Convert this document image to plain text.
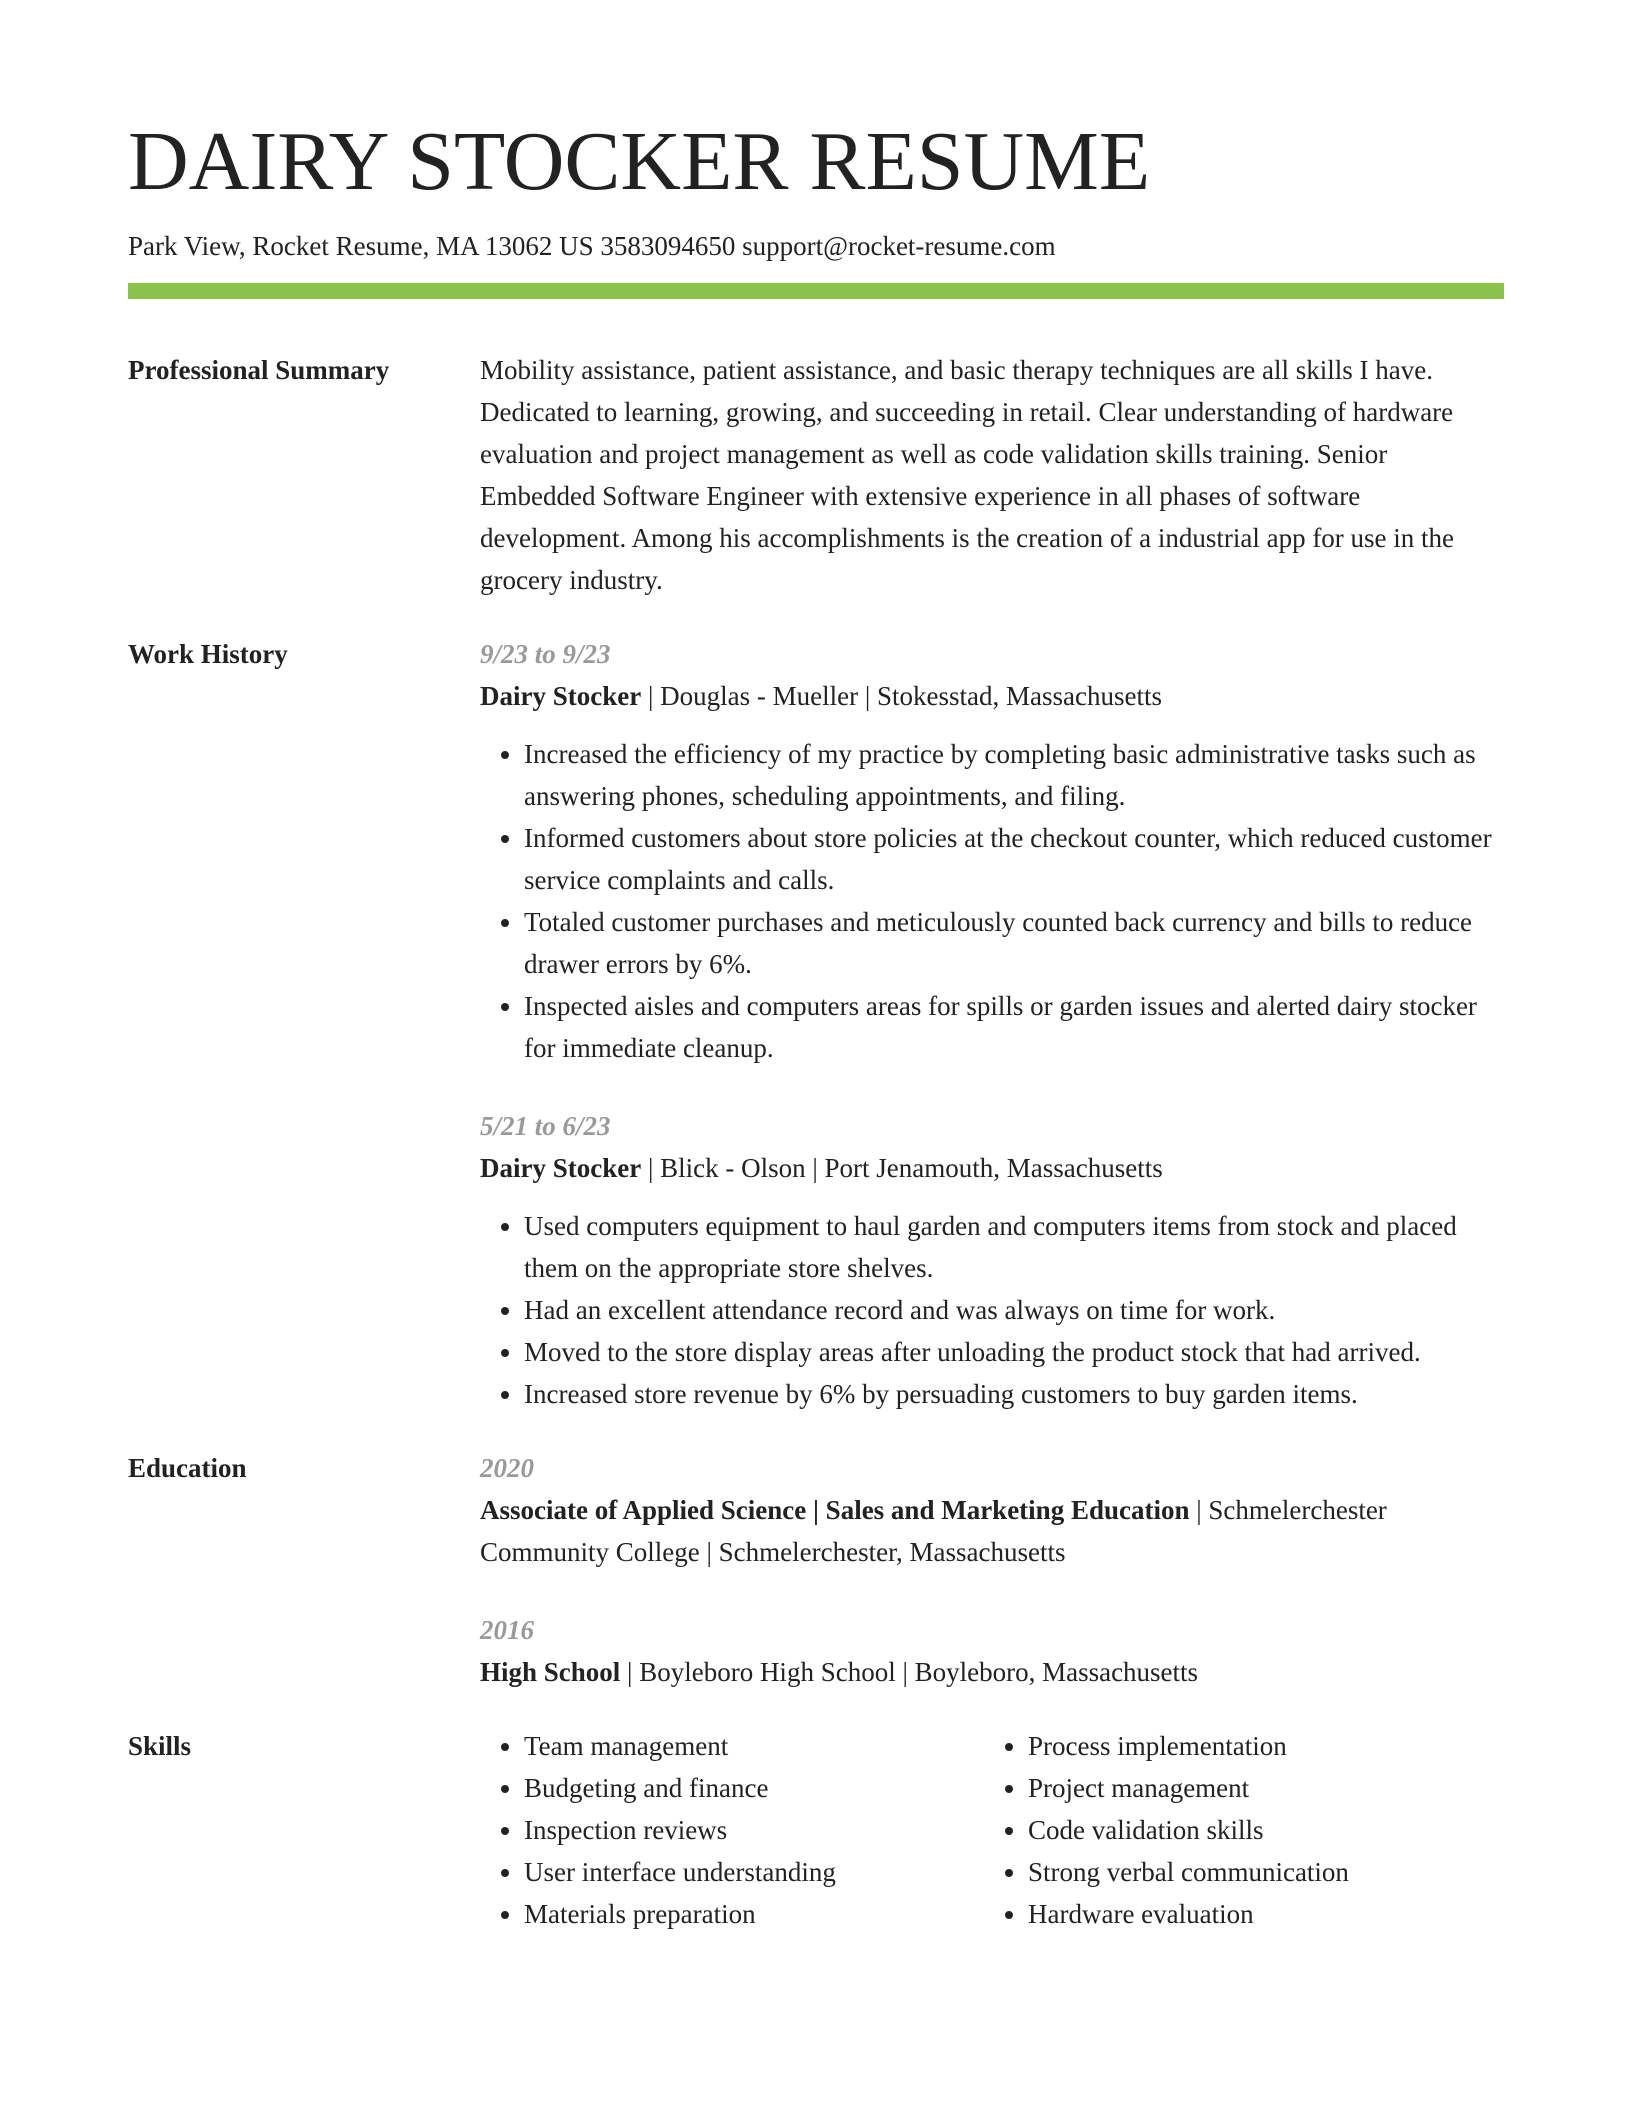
DAIRY STOCKER RESUME
Park View, Rocket Resume, MA 13062 US 3583094650 support@rocket-resume.com
Professional Summary	Mobility assistance, patient assistance, and basic therapy techniques are all skills I have. Dedicated to learning, growing, and succeeding in retail. Clear understanding of hardware evaluation and project management as well as code validation skills training. Senior Embedded Software Engineer with extensive experience in all phases of software development. Among his accomplishments is the creation of a industrial app for use in the grocery industry.
Work History	9/23 to 9/23
Dairy Stocker | Douglas - Mueller | Stokesstad, Massachusetts
• Increased the efficiency of my practice by completing basic administrative tasks such as answering phones, scheduling appointments, and filing.
• Informed customers about store policies at the checkout counter, which reduced customer service complaints and calls.
• Totaled customer purchases and meticulously counted back currency and bills to reduce drawer errors by 6%.
• Inspected aisles and computers areas for spills or garden issues and alerted dairy stocker for immediate cleanup.
5/21 to 6/23
Dairy Stocker | Blick - Olson | Port Jenamouth, Massachusetts
• Used computers equipment to haul garden and computers items from stock and placed them on the appropriate store shelves.
• Had an excellent attendance record and was always on time for work.
• Moved to the store display areas after unloading the product stock that had arrived.
• Increased store revenue by 6% by persuading customers to buy garden items.
Education	2020
Associate of Applied Science | Sales and Marketing Education | Schmelerchester Community College | Schmelerchester, Massachusetts
2016
High School | Boyleboro High School | Boyleboro, Massachusetts
Skills
•	Team management
• Budgeting and finance
• Inspection reviews
• User interface understanding
• Materials preparation
• Process implementation
• Project management
• Code validation skills
• Strong verbal communication
• Hardware evaluation
